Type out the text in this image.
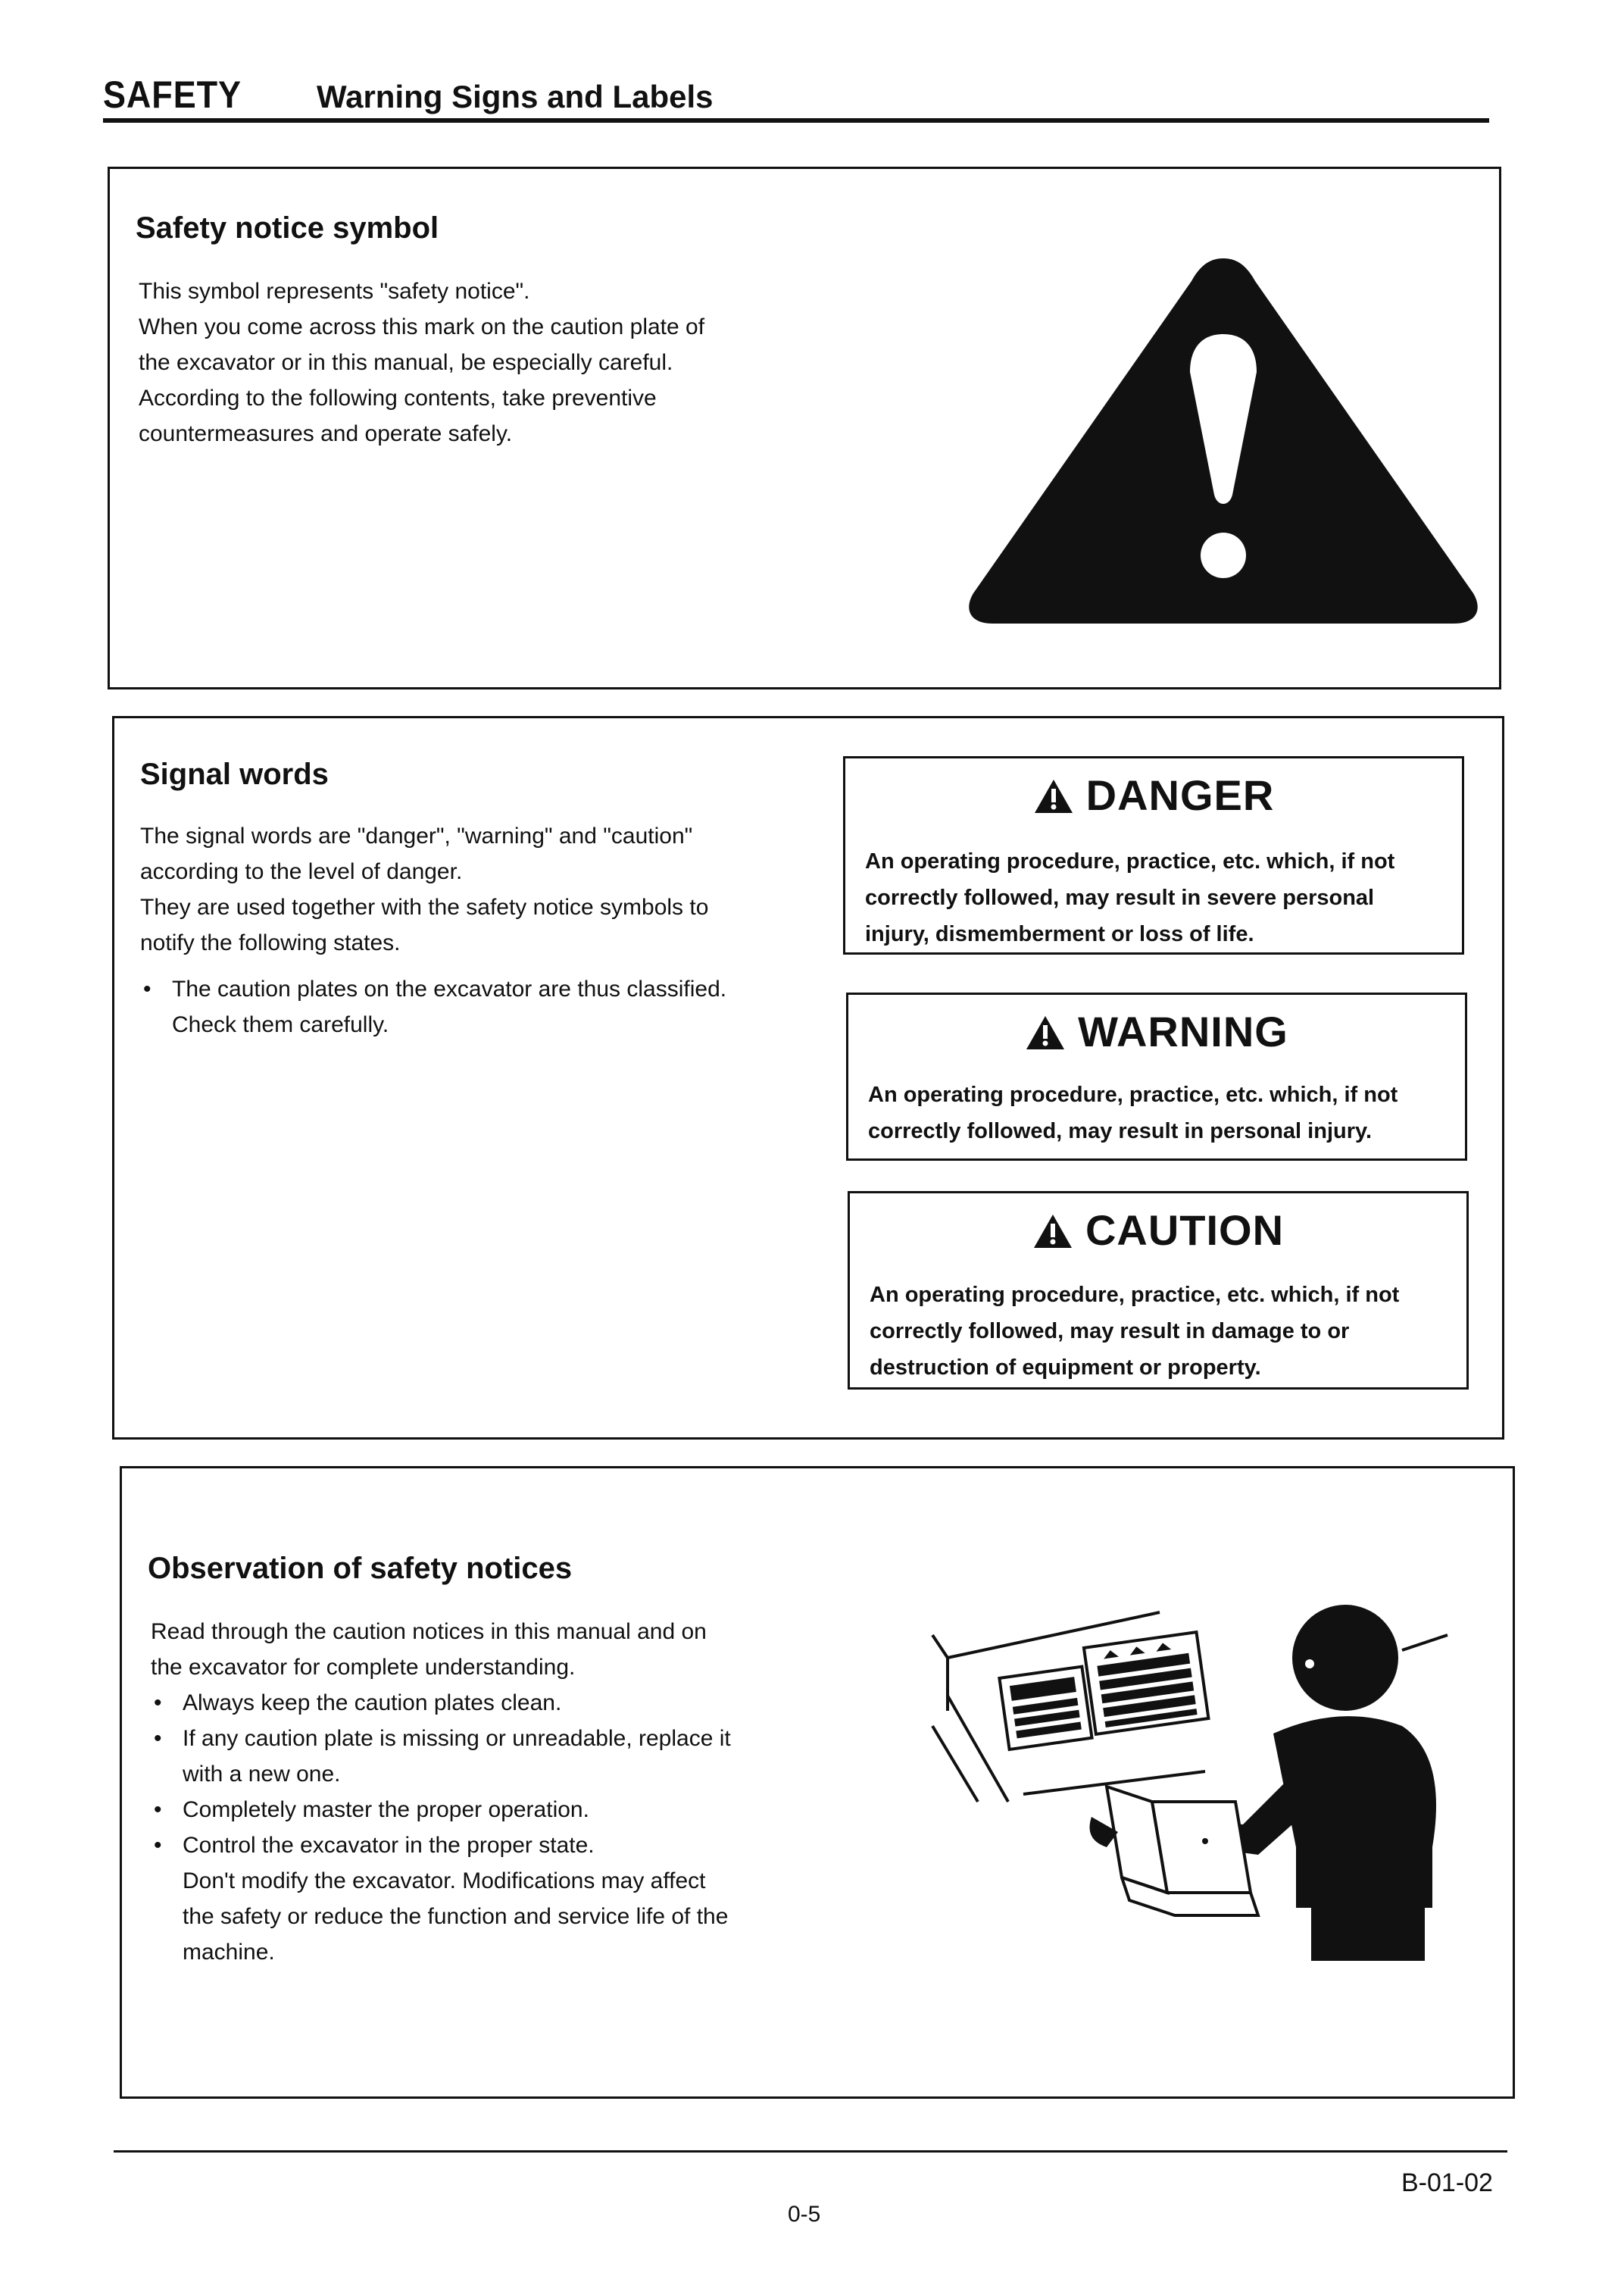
SAFETY Warning Signs and Labels
Safety notice symbol

This symbol represents "safety notice".

When you come across this mark on the caution plate of

the excavator or in this manual, be especially careful.

According to the following contents, take preventive

countermeasures and operate safely.

Signal words

The signal words are "danger", "warning" and "caution"

according to the level of danger.

They are used together with the safety notice symbols to

notify the following states.

• The caution plates on the excavator are thus classified.

Check them carefully.

DANGER
An operating procedure, practice, etc. which, if not
correctly followed, may result in severe personal
injury, dismemberment or loss of life.
WARNING
An operating procedure, practice, etc. which, if not
correctly followed, may result in personal injury.
CAUTION
An operating procedure, practice, etc. which, if not
correctly followed, may result in damage to or
destruction of equipment or property.
Observation of safety notices

Read through the caution notices in this manual and on

the excavator for complete understanding.

• Always keep the caution plates clean.

• If any caution plate is missing or unreadable, replace it

with a new one.

• Completely master the proper operation.

• Control the excavator in the proper state.

Don't modify the excavator. Modifications may affect

the safety or reduce the function and service life of the

machine.

0-5
B-01-02
